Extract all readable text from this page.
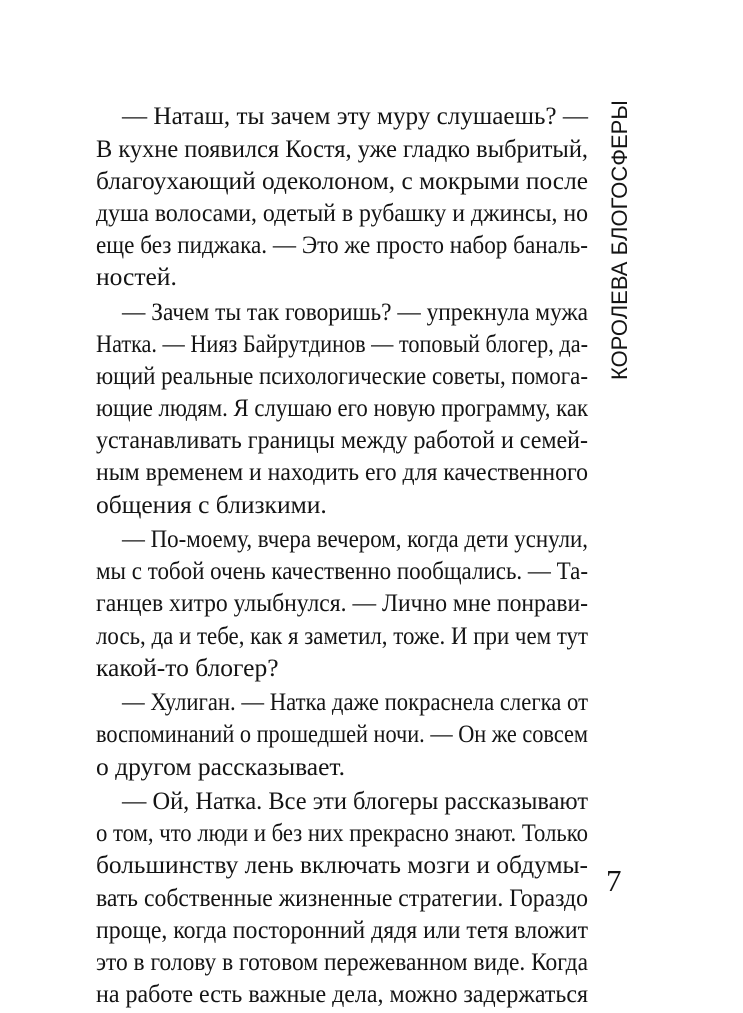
КОРОЛЕВА БЛОГОСФЕРЫ
— Наташ, ты зачем эту муру слушаешь? —
В кухне появился Костя, уже гладко выбритый,
благоухающий одеколоном, с мокрыми после
душа волосами, одетый в рубашку и джинсы, но
еще без пиджака. — Это же просто набор баналь-
ностей.
— Зачем ты так говоришь? — упрекнула мужа
Натка. — Нияз Байрутдинов — топовый блогер, да-
ющий реальные психологические советы, помога-
ющие людям. Я слушаю его новую программу, как
устанавливать границы между работой и семей-
ным временем и находить его для качественного
общения с близкими.
— По-моему, вчера вечером, когда дети уснули,
мы с тобой очень качественно пообщались. — Та-
ганцев хитро улыбнулся. — Лично мне понрави-
лось, да и тебе, как я заметил, тоже. И при чем тут
какой-то блогер?
— Хулиган. — Натка даже покраснела слегка от
воспоминаний о прошедшей ночи. — Он же совсем
о другом рассказывает.
— Ой, Натка. Все эти блогеры рассказывают
о том, что люди и без них прекрасно знают. Только
большинству лень включать мозги и обдумы-
вать собственные жизненные стратегии. Гораздо
проще, когда посторонний дядя или тетя вложит
это в голову в готовом пережеванном виде. Когда
на работе есть важные дела, можно задержаться
7
